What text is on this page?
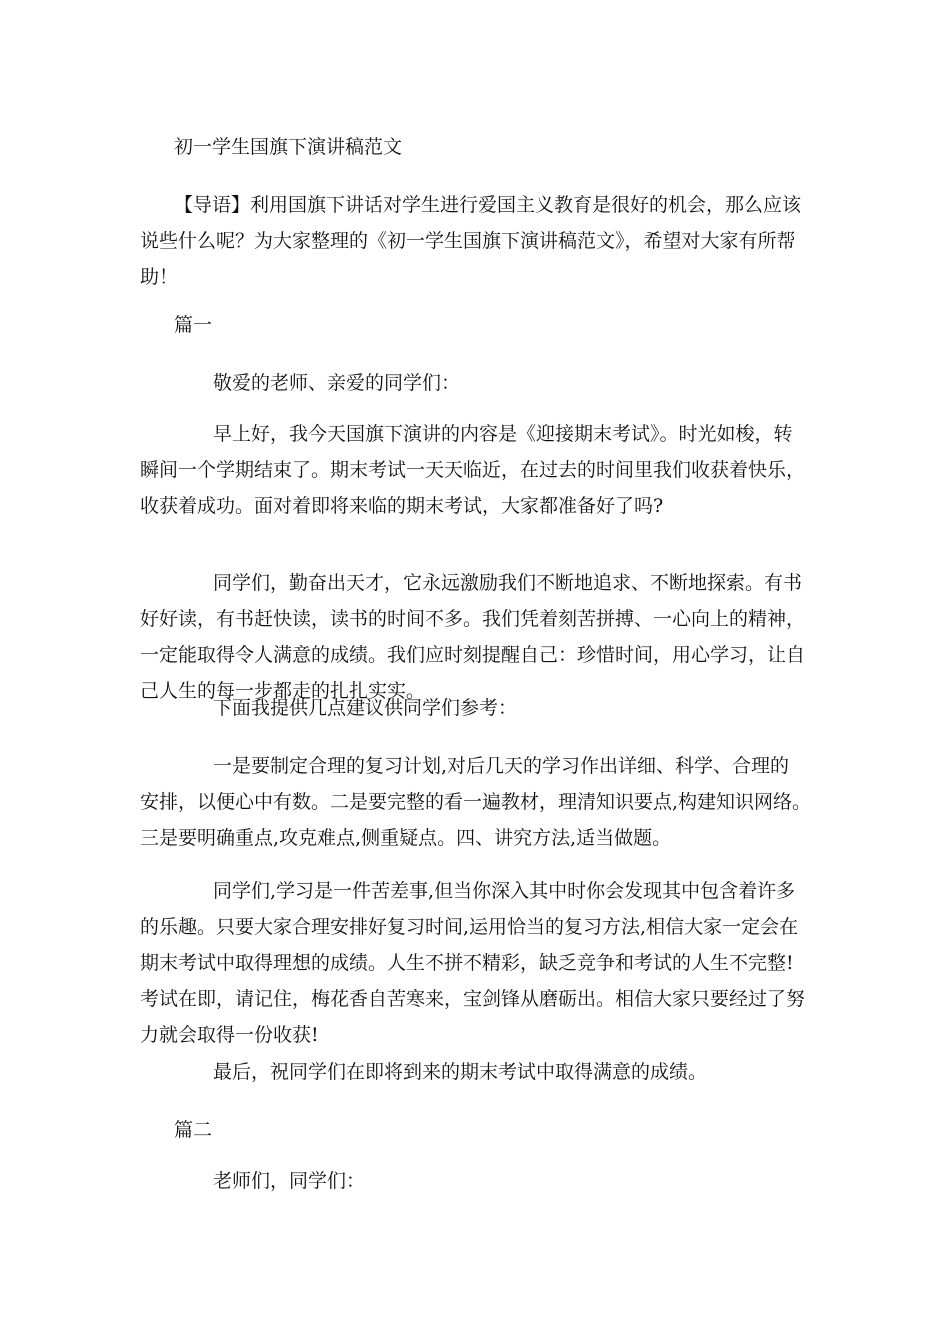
初一学生国旗下演讲稿范文
【导语】利用国旗下讲话对学生进行爱国主义教育是很好的机会，那么应该
说些什么呢？为大家整理的《初一学生国旗下演讲稿范文》，希望对大家有所帮
助！
篇一
敬爱的老师、亲爱的同学们：
早上好，我今天国旗下演讲的内容是《迎接期末考试》。时光如梭，转
瞬间一个学期结束了。期末考试一天天临近，在过去的时间里我们收获着快乐，
收获着成功。面对着即将来临的期末考试，大家都准备好了吗?
同学们，勤奋出天才，它永远激励我们不断地追求、不断地探索。有书
好好读，有书赶快读，读书的时间不多。我们凭着刻苦拼搏、一心向上的精神，
一定能取得令人满意的成绩。我们应时刻提醒自己：珍惜时间，用心学习，让自
己人生的每一步都走的扎扎实实。
下面我提供几点建议供同学们参考：
一是要制定合理的复习计划,对后几天的学习作出详细、科学、合理的
安排，以便心中有数。二是要完整的看一遍教材，理清知识要点,构建知识网络。
三是要明确重点,攻克难点,侧重疑点。四、讲究方法,适当做题。
同学们,学习是一件苦差事,但当你深入其中时你会发现其中包含着许多
的乐趣。只要大家合理安排好复习时间,运用恰当的复习方法,相信大家一定会在
期末考试中取得理想的成绩。人生不拼不精彩，缺乏竞争和考试的人生不完整!
考试在即，请记住，梅花香自苦寒来，宝剑锋从磨砺出。相信大家只要经过了努
力就会取得一份收获!
最后，祝同学们在即将到来的期末考试中取得满意的成绩。
篇二
老师们，同学们：
